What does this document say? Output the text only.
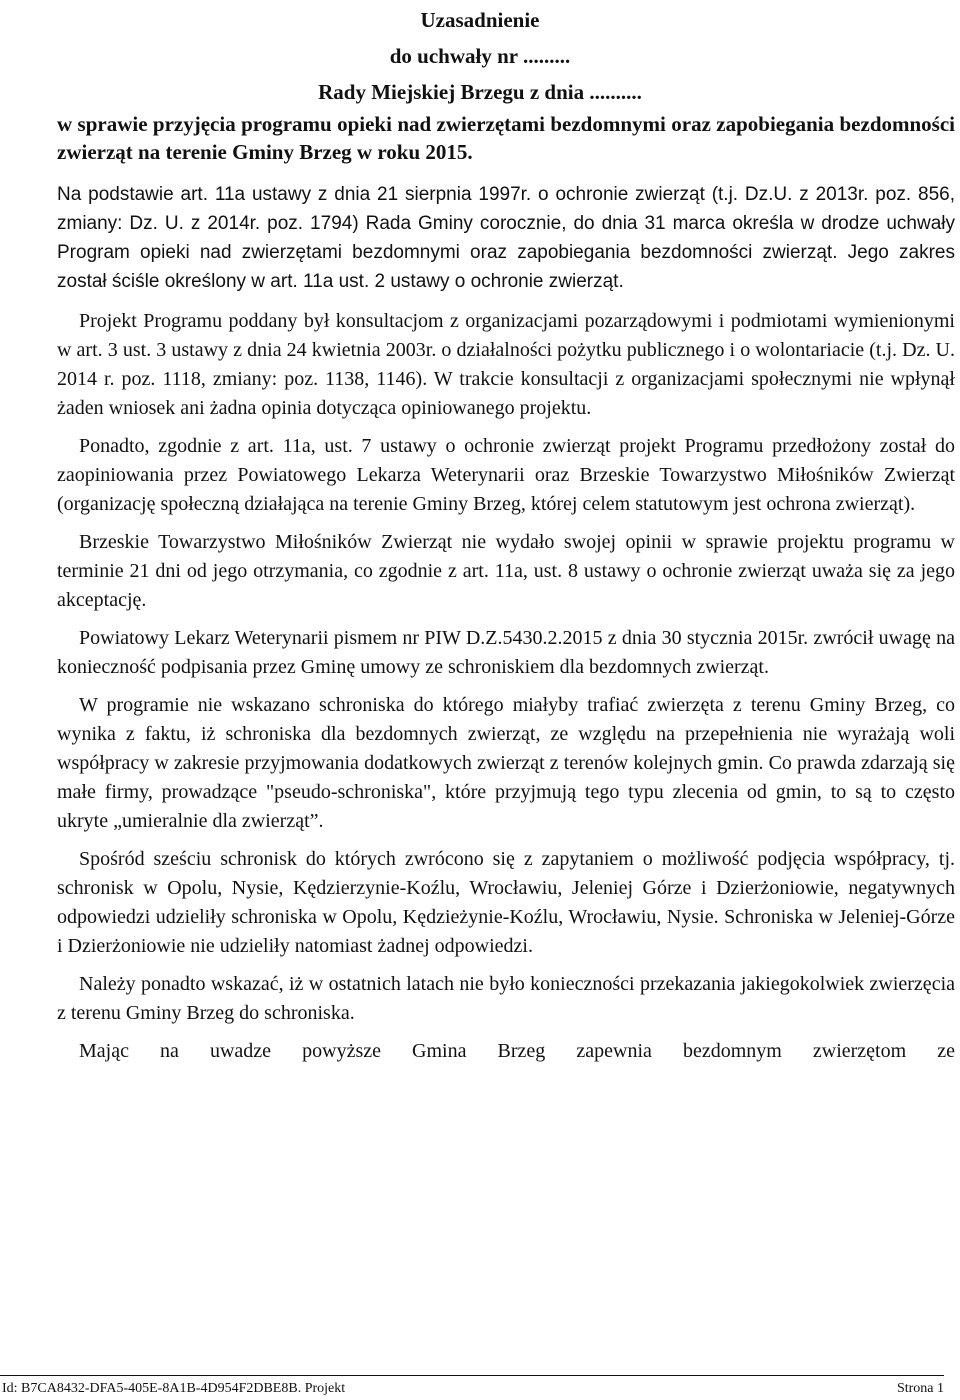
Uzasadnienie

do uchwały nr .........

Rady Miejskiej Brzegu z dnia ..........

w sprawie przyjęcia programu opieki nad zwierzętami bezdomnymi oraz zapobiegania bezdomności zwierząt na terenie Gminy Brzeg w roku 2015.

Na podstawie art. 11a ustawy z dnia 21 sierpnia 1997r. o ochronie zwierząt (t.j. Dz.U. z 2013r. poz. 856, zmiany: Dz. U. z 2014r. poz. 1794) Rada Gminy corocznie, do dnia 31 marca określa w drodze uchwały Program opieki nad zwierzętami bezdomnymi oraz zapobiegania bezdomności zwierząt. Jego zakres został ściśle określony w art. 11a ust. 2 ustawy o ochronie zwierząt.

Projekt Programu poddany był konsultacjom z organizacjami pozarządowymi i podmiotami wymienionymi w art. 3 ust. 3 ustawy z dnia 24 kwietnia 2003r. o działalności pożytku publicznego i o wolontariacie (t.j. Dz. U. 2014 r. poz. 1118, zmiany: poz. 1138, 1146). W trakcie konsultacji z organizacjami społecznymi nie wpłynął żaden wniosek ani żadna opinia dotycząca opiniowanego projektu.

Ponadto, zgodnie z art. 11a, ust. 7 ustawy o ochronie zwierząt projekt Programu przedłożony został do zaopiniowania przez Powiatowego Lekarza Weterynarii oraz Brzeskie Towarzystwo Miłośników Zwierząt (organizację społeczną działająca na terenie Gminy Brzeg, której celem statutowym jest ochrona zwierząt).

Brzeskie Towarzystwo Miłośników Zwierząt nie wydało swojej opinii w sprawie projektu programu w terminie 21 dni od jego otrzymania, co zgodnie z art. 11a, ust. 8 ustawy o ochronie zwierząt uważa się za jego akceptację.

Powiatowy Lekarz Weterynarii pismem nr PIW D.Z.5430.2.2015 z dnia 30 stycznia 2015r. zwrócił uwagę na konieczność podpisania przez Gminę umowy ze schroniskiem dla bezdomnych zwierząt.

W programie nie wskazano schroniska do którego miałyby trafiać zwierzęta z terenu Gminy Brzeg, co wynika z faktu, iż schroniska dla bezdomnych zwierząt, ze względu na przepełnienia nie wyrażają woli współpracy w zakresie przyjmowania dodatkowych zwierząt z terenów kolejnych gmin. Co prawda zdarzają się małe firmy, prowadzące "pseudo-schroniska", które przyjmują tego typu zlecenia od gmin, to są to często ukryte „umieralnie dla zwierząt”.

Spośród sześciu schronisk do których zwrócono się z zapytaniem o możliwość podjęcia współpracy, tj. schronisk w Opolu, Nysie, Kędzierzynie-Koźlu, Wrocławiu, Jeleniej Górze i Dzierżoniowie, negatywnych odpowiedzi udzieliły schroniska w Opolu, Kędzieżynie-Koźlu, Wrocławiu, Nysie. Schroniska w Jeleniej-Górze i Dzierżoniowie nie udzieliły natomiast żadnej odpowiedzi.

Należy ponadto wskazać, iż w ostatnich latach nie było konieczności przekazania jakiegokolwiek zwierzęcia z terenu Gminy Brzeg do schroniska.

Mając na uwadze powyższe Gmina Brzeg zapewnia bezdomnym zwierzętom ze

Id: B7CA8432-DFA5-405E-8A1B-4D954F2DBE8B. Projekt	Strona 1
